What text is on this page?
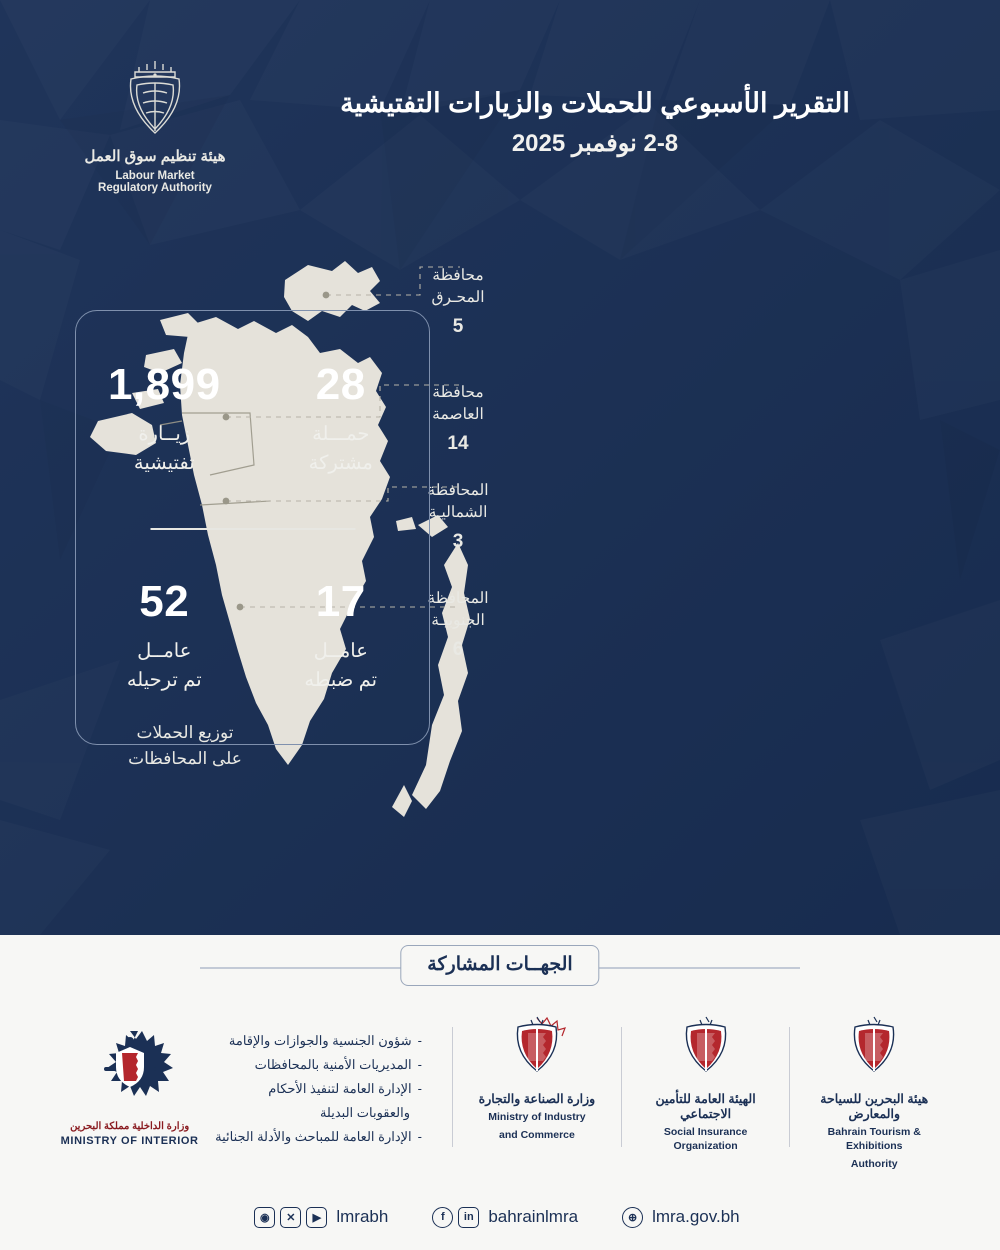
التقرير الأسبوعي للحملات والزيارات التفتيشية
2-8 نوفمبر 2025
هيئة تنظيم سوق العمل
Labour Market
Regulatory Authority
توزيع الحملات
على المحافظات
محافظة
المحـرق
5
محافظة
العاصمة
14
المحافظة
الشماليـة
3
المحافظة
الجنوبيـة
6
28
حمـــلة
مشتركة
1,899
زيــارة
تفتيشية
17
عامــل
تم ضبطه
52
عامــل
تم ترحيله
الجهــات المشاركة
وزارة الداخلية مملكة البحرين
MINISTRY OF INTERIOR
- شؤون الجنسية والجوازات والإقامة
- المديريات الأمنية بالمحافظات
- الإدارة العامة لتنفيذ الأحكام
والعقوبات البديلة
- الإدارة العامة للمباحث والأدلة الجنائية
وزارة الصناعة والتجارة
Ministry of Industry
and Commerce
الهيئة العامة للتأمين الاجتماعي
Social Insurance Organization
هيئة البحرين للسياحة والمعارض
Bahrain Tourism & Exhibitions
Authority
◉	✕	▶ lmrabh	f	in bahrainlmra	⊕ lmra.gov.bh
